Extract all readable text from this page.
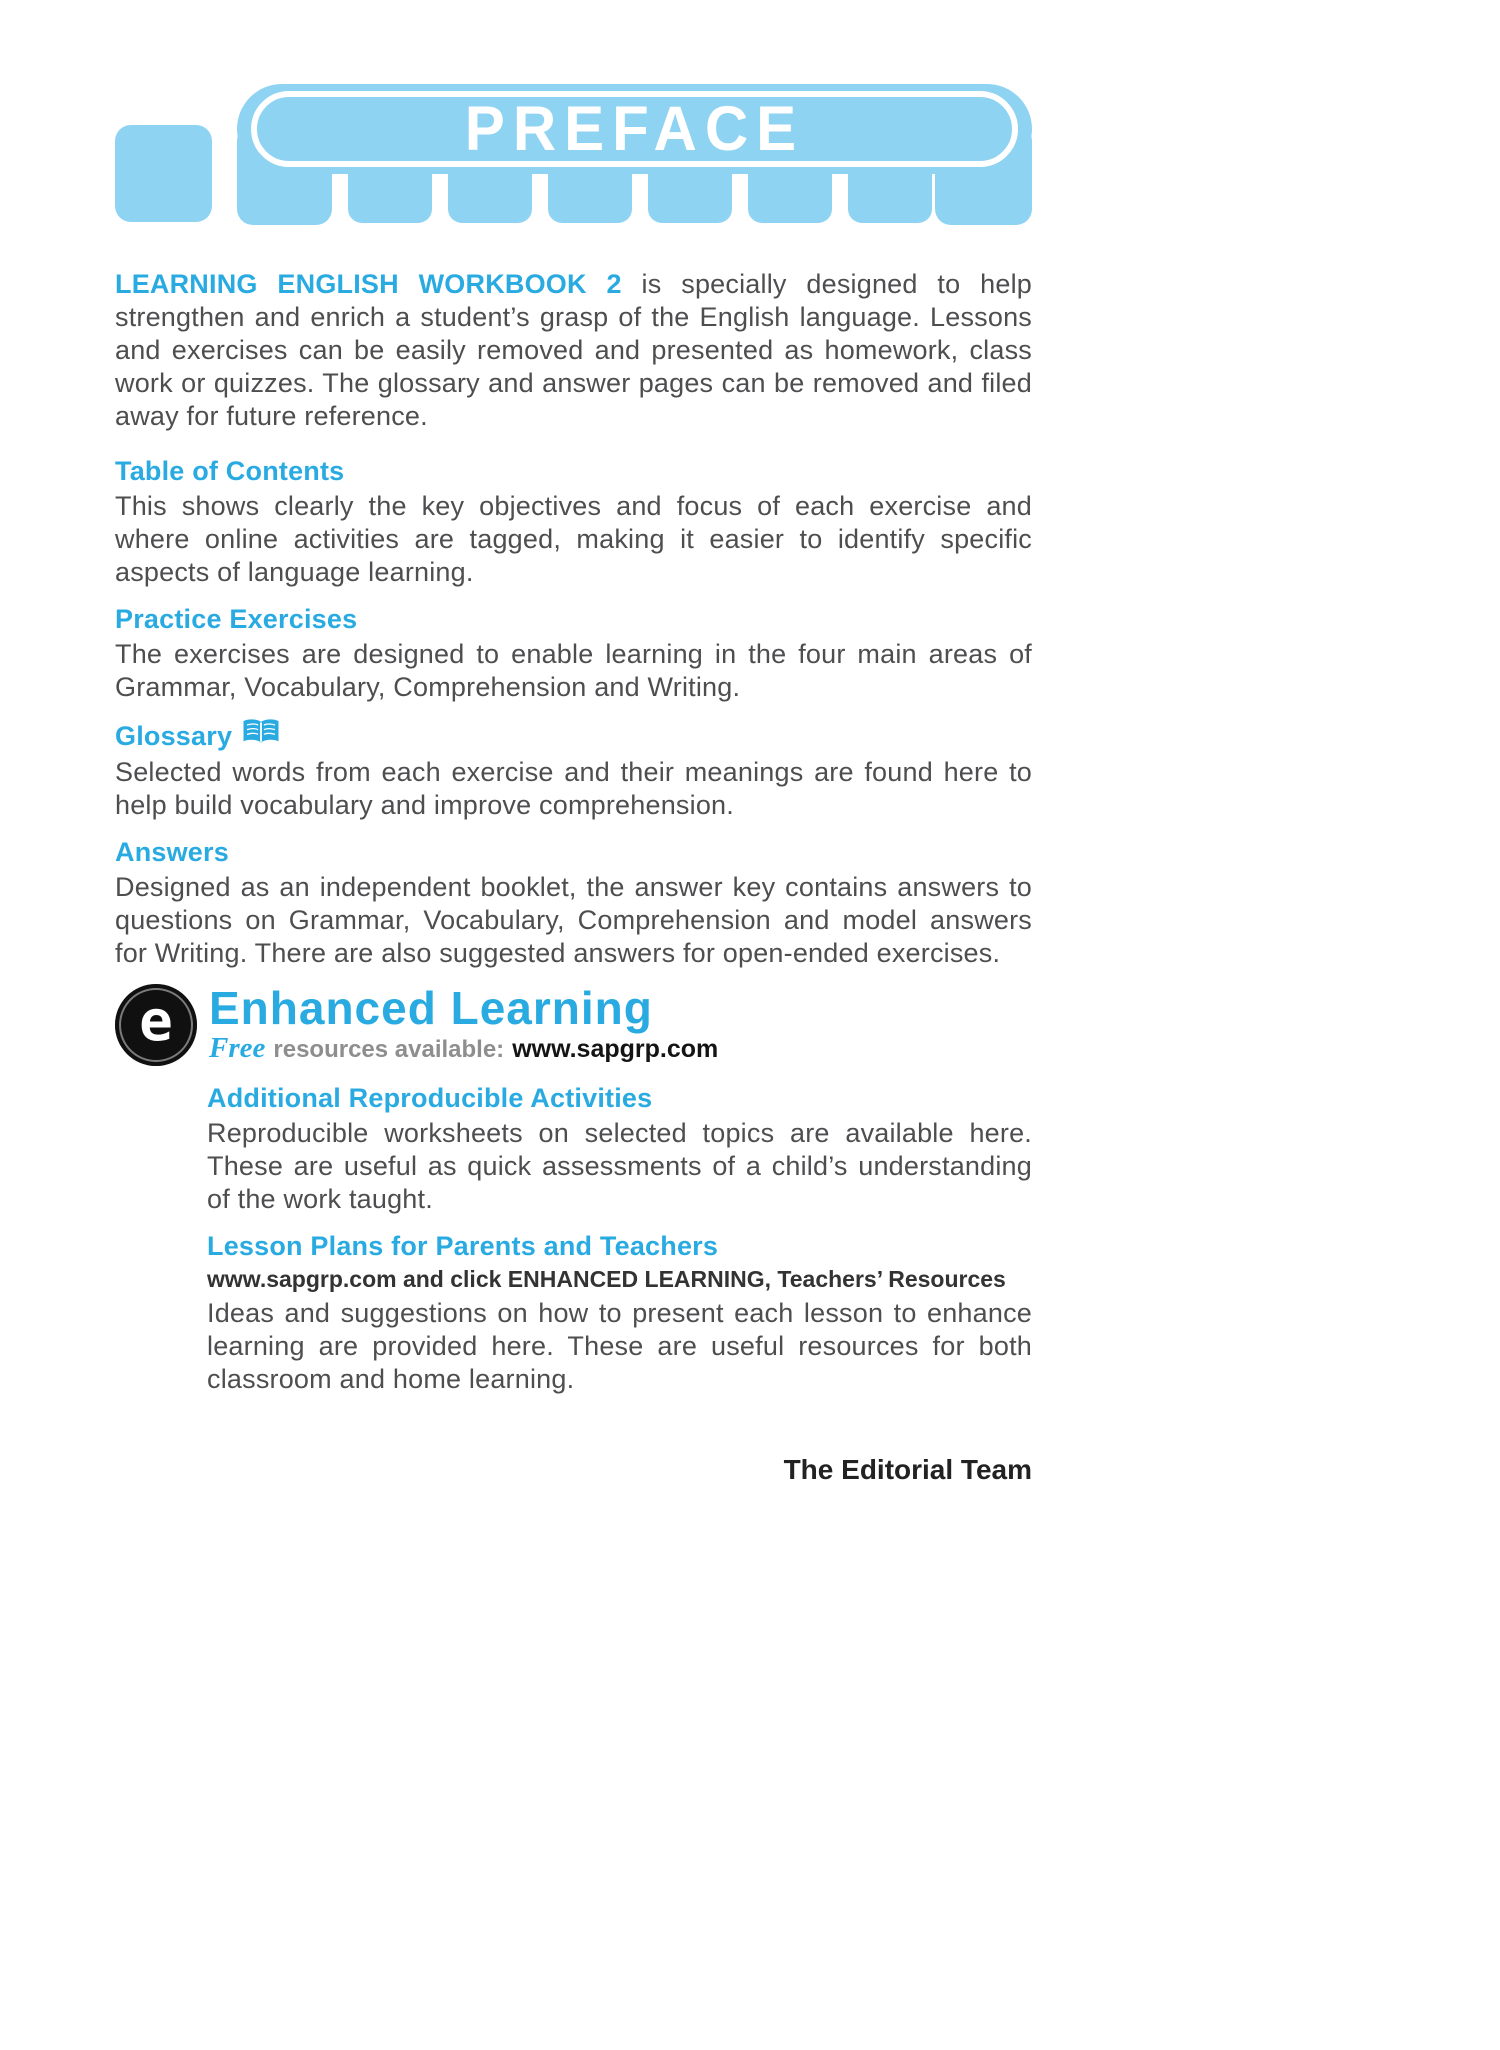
PREFACE

LEARNING ENGLISH WORKBOOK 2 is specially designed to help strengthen and enrich a student’s grasp of the English language. Lessons and exercises can be easily removed and presented as homework, class work or quizzes. The glossary and answer pages can be removed and filed away for future reference.

Table of Contents

This shows clearly the key objectives and focus of each exercise and where online activities are tagged, making it easier to identify specific aspects of language learning.

Practice Exercises

The exercises are designed to enable learning in the four main areas of Grammar, Vocabulary, Comprehension and Writing.

Glossary

Selected words from each exercise and their meanings are found here to help build vocabulary and improve comprehension.

Answers

Designed as an independent booklet, the answer key contains answers to questions on Grammar, Vocabulary, Comprehension and model answers for Writing. There are also suggested answers for open-ended exercises.

e Enhanced Learning
Free resources available: www.sapgrp.com
Additional Reproducible Activities

Reproducible worksheets on selected topics are available here. These are useful as quick assessments of a child’s understanding of the work taught.

Lesson Plans for Parents and Teachers

www.sapgrp.com and click ENHANCED LEARNING, Teachers’ Resources

Ideas and suggestions on how to present each lesson to enhance learning are provided here. These are useful resources for both classroom and home learning.

The Editorial Team
